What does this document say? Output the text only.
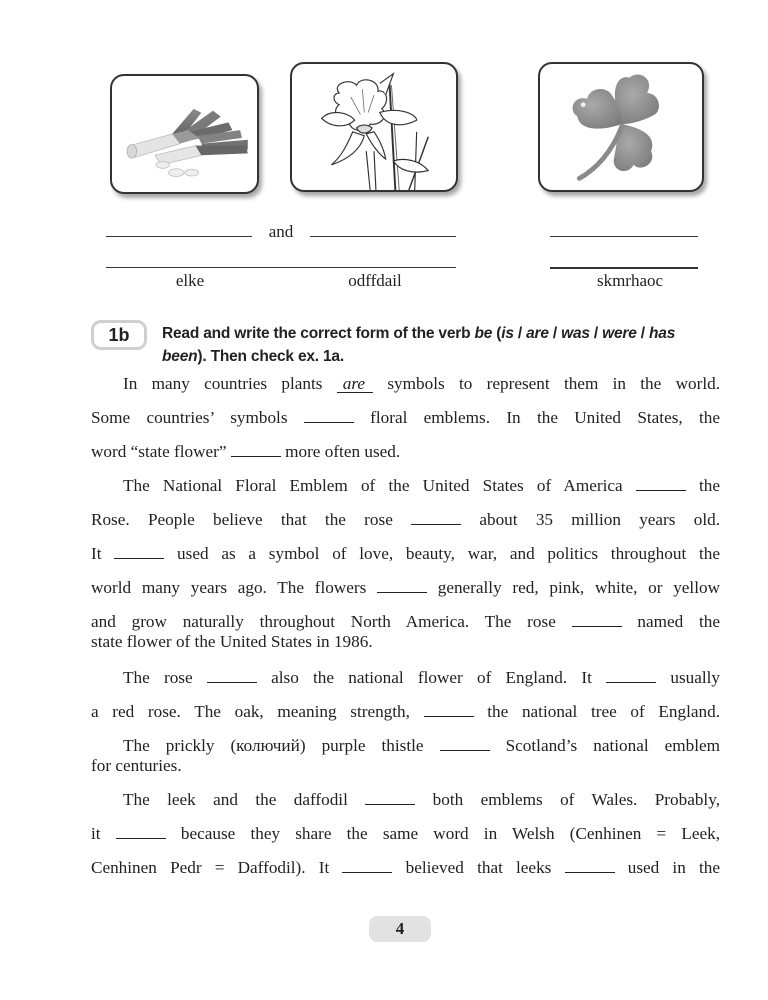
and
elke	odffdail	skmrhaoc
1b	Read and write the correct form of the verb be (is / are / was / were / has been). Then check ex. 1a.
In many countries plants are symbols to represent them in the world.
Some countries’ symbols	floral emblems. In the United States, the
word “state flower”	more often used.
The National Floral Emblem of the United States of America	the
Rose. People believe that the rose	about 35 million years old.
It	used as a symbol of love, beauty, war, and politics throughout the
world many years ago. The flowers	generally red, pink, white, or yellow
and grow naturally throughout North America. The rose	named the
state flower of the United States in 1986.
The rose	also the national flower of England. It	usually
a red rose. The oak, meaning strength,	the national tree of England.
The prickly (колючий) purple thistle	Scotland’s national emblem
for centuries.
The leek and the daffodil	both emblems of Wales. Probably,
it	because they share the same word in Welsh (Cenhinen = Leek,
Cenhinen Pedr = Daffodil). It	believed that leeks	used in the
4
